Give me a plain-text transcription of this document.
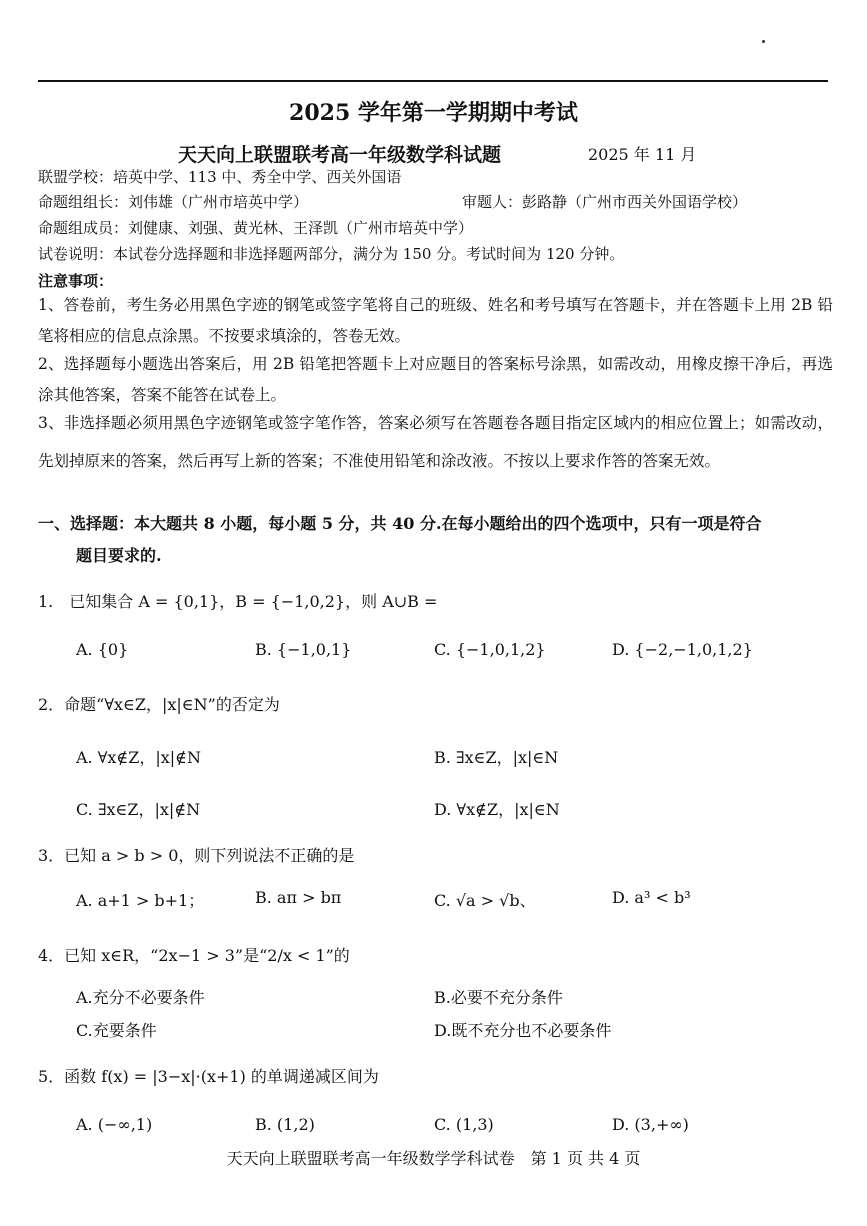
2025 学年第一学期期中考试
天天向上联盟联考高一年级数学科试题	2025 年 11 月
联盟学校：培英中学、113 中、秀全中学、西关外国语
命题组组长：刘伟雄（广州市培英中学）	审题人：彭路静（广州市西关外国语学校）
命题组成员：刘健康、刘强、黄光林、王泽凯（广州市培英中学）
试卷说明：本试卷分选择题和非选择题两部分，满分为 150 分。考试时间为 120 分钟。
注意事项：
1、答卷前，考生务必用黑色字迹的钢笔或签字笔将自己的班级、姓名和考号填写在答题卡，并在答题卡上用 2B 铅笔将相应的信息点涂黑。不按要求填涂的，答卷无效。
2、选择题每小题选出答案后，用 2B 铅笔把答题卡上对应题目的答案标号涂黑，如需改动，用橡皮擦干净后，再选涂其他答案，答案不能答在试卷上。
3、非选择题必须用黑色字迹钢笔或签字笔作答，答案必须写在答题卷各题目指定区域内的相应位置上；如需改动，先划掉原来的答案，然后再写上新的答案；不准使用铅笔和涂改液。不按以上要求作答的答案无效。
一、选择题：本大题共 8 小题，每小题 5 分，共 40 分.在每小题给出的四个选项中，只有一项是符合
题目要求的.
1.　已知集合 A = {0,1}，B = {−1,0,2}，则 A∪B =
A. {0}	B. {−1,0,1}	C. {−1,0,1,2}	D. {−2,−1,0,1,2}
2．命题“∀x∈Z，|x|∈N”的否定为
A. ∀x∉Z，|x|∉N	B. ∃x∈Z，|x|∈N
C. ∃x∈Z，|x|∉N	D. ∀x∉Z，|x|∈N
3．已知 a > b > 0，则下列说法不正确的是
A. a+1 > b+1；	B. aπ > bπ	C. √a > √b、	D. a³ < b³
4．已知 x∈R，“2x−1 > 3”是“2/x < 1”的
A.充分不必要条件	B.必要不充分条件
C.充要条件	D.既不充分也不必要条件
5．函数 f(x) = |3−x|·(x+1) 的单调递减区间为
A. (−∞,1)	B. (1,2)	C. (1,3)	D. (3,+∞)
天天向上联盟联考高一年级数学学科试卷　第 1 页 共 4 页
